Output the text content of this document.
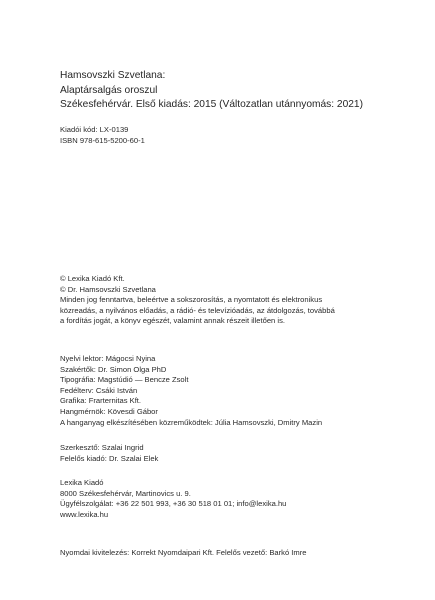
Hamsovszki Szvetlana:
Alaptársalgás oroszul
Székesfehérvár. Első kiadás: 2015 (Változatlan utánnyomás: 2021)
Kiadói kód: LX-0139
ISBN 978-615-5200-60-1
© Lexika Kiadó Kft.
© Dr. Hamsovszki Szvetlana
Minden jog fenntartva, beleértve a sokszorosítás, a nyomtatott és elektronikus
közreadás, a nyilvános előadás, a rádió- és televízióadás, az átdolgozás, továbbá
a fordítás jogát, a könyv egészét, valamint annak részeit illetően is.
Nyelvi lektor: Mágocsi Nyina
Szakértők: Dr. Simon Olga PhD
Tipográfia: Magstúdió — Bencze Zsolt
Fedélterv: Csáki István
Grafika: Frarternitas Kft.
Hangmérnök: Kövesdi Gábor
A hanganyag elkészítésében közreműködtek: Júlia Hamsovszki, Dmitry Mazin
Szerkesztő: Szalai Ingrid
Felelős kiadó: Dr. Szalai Elek
Lexika Kiadó
8000 Székesfehérvár, Martinovics u. 9.
Ügyfélszolgálat: +36 22 501 993, +36 30 518 01 01; info@lexika.hu
www.lexika.hu
Nyomdai kivitelezés: Korrekt Nyomdaipari Kft. Felelős vezető: Barkó Imre
